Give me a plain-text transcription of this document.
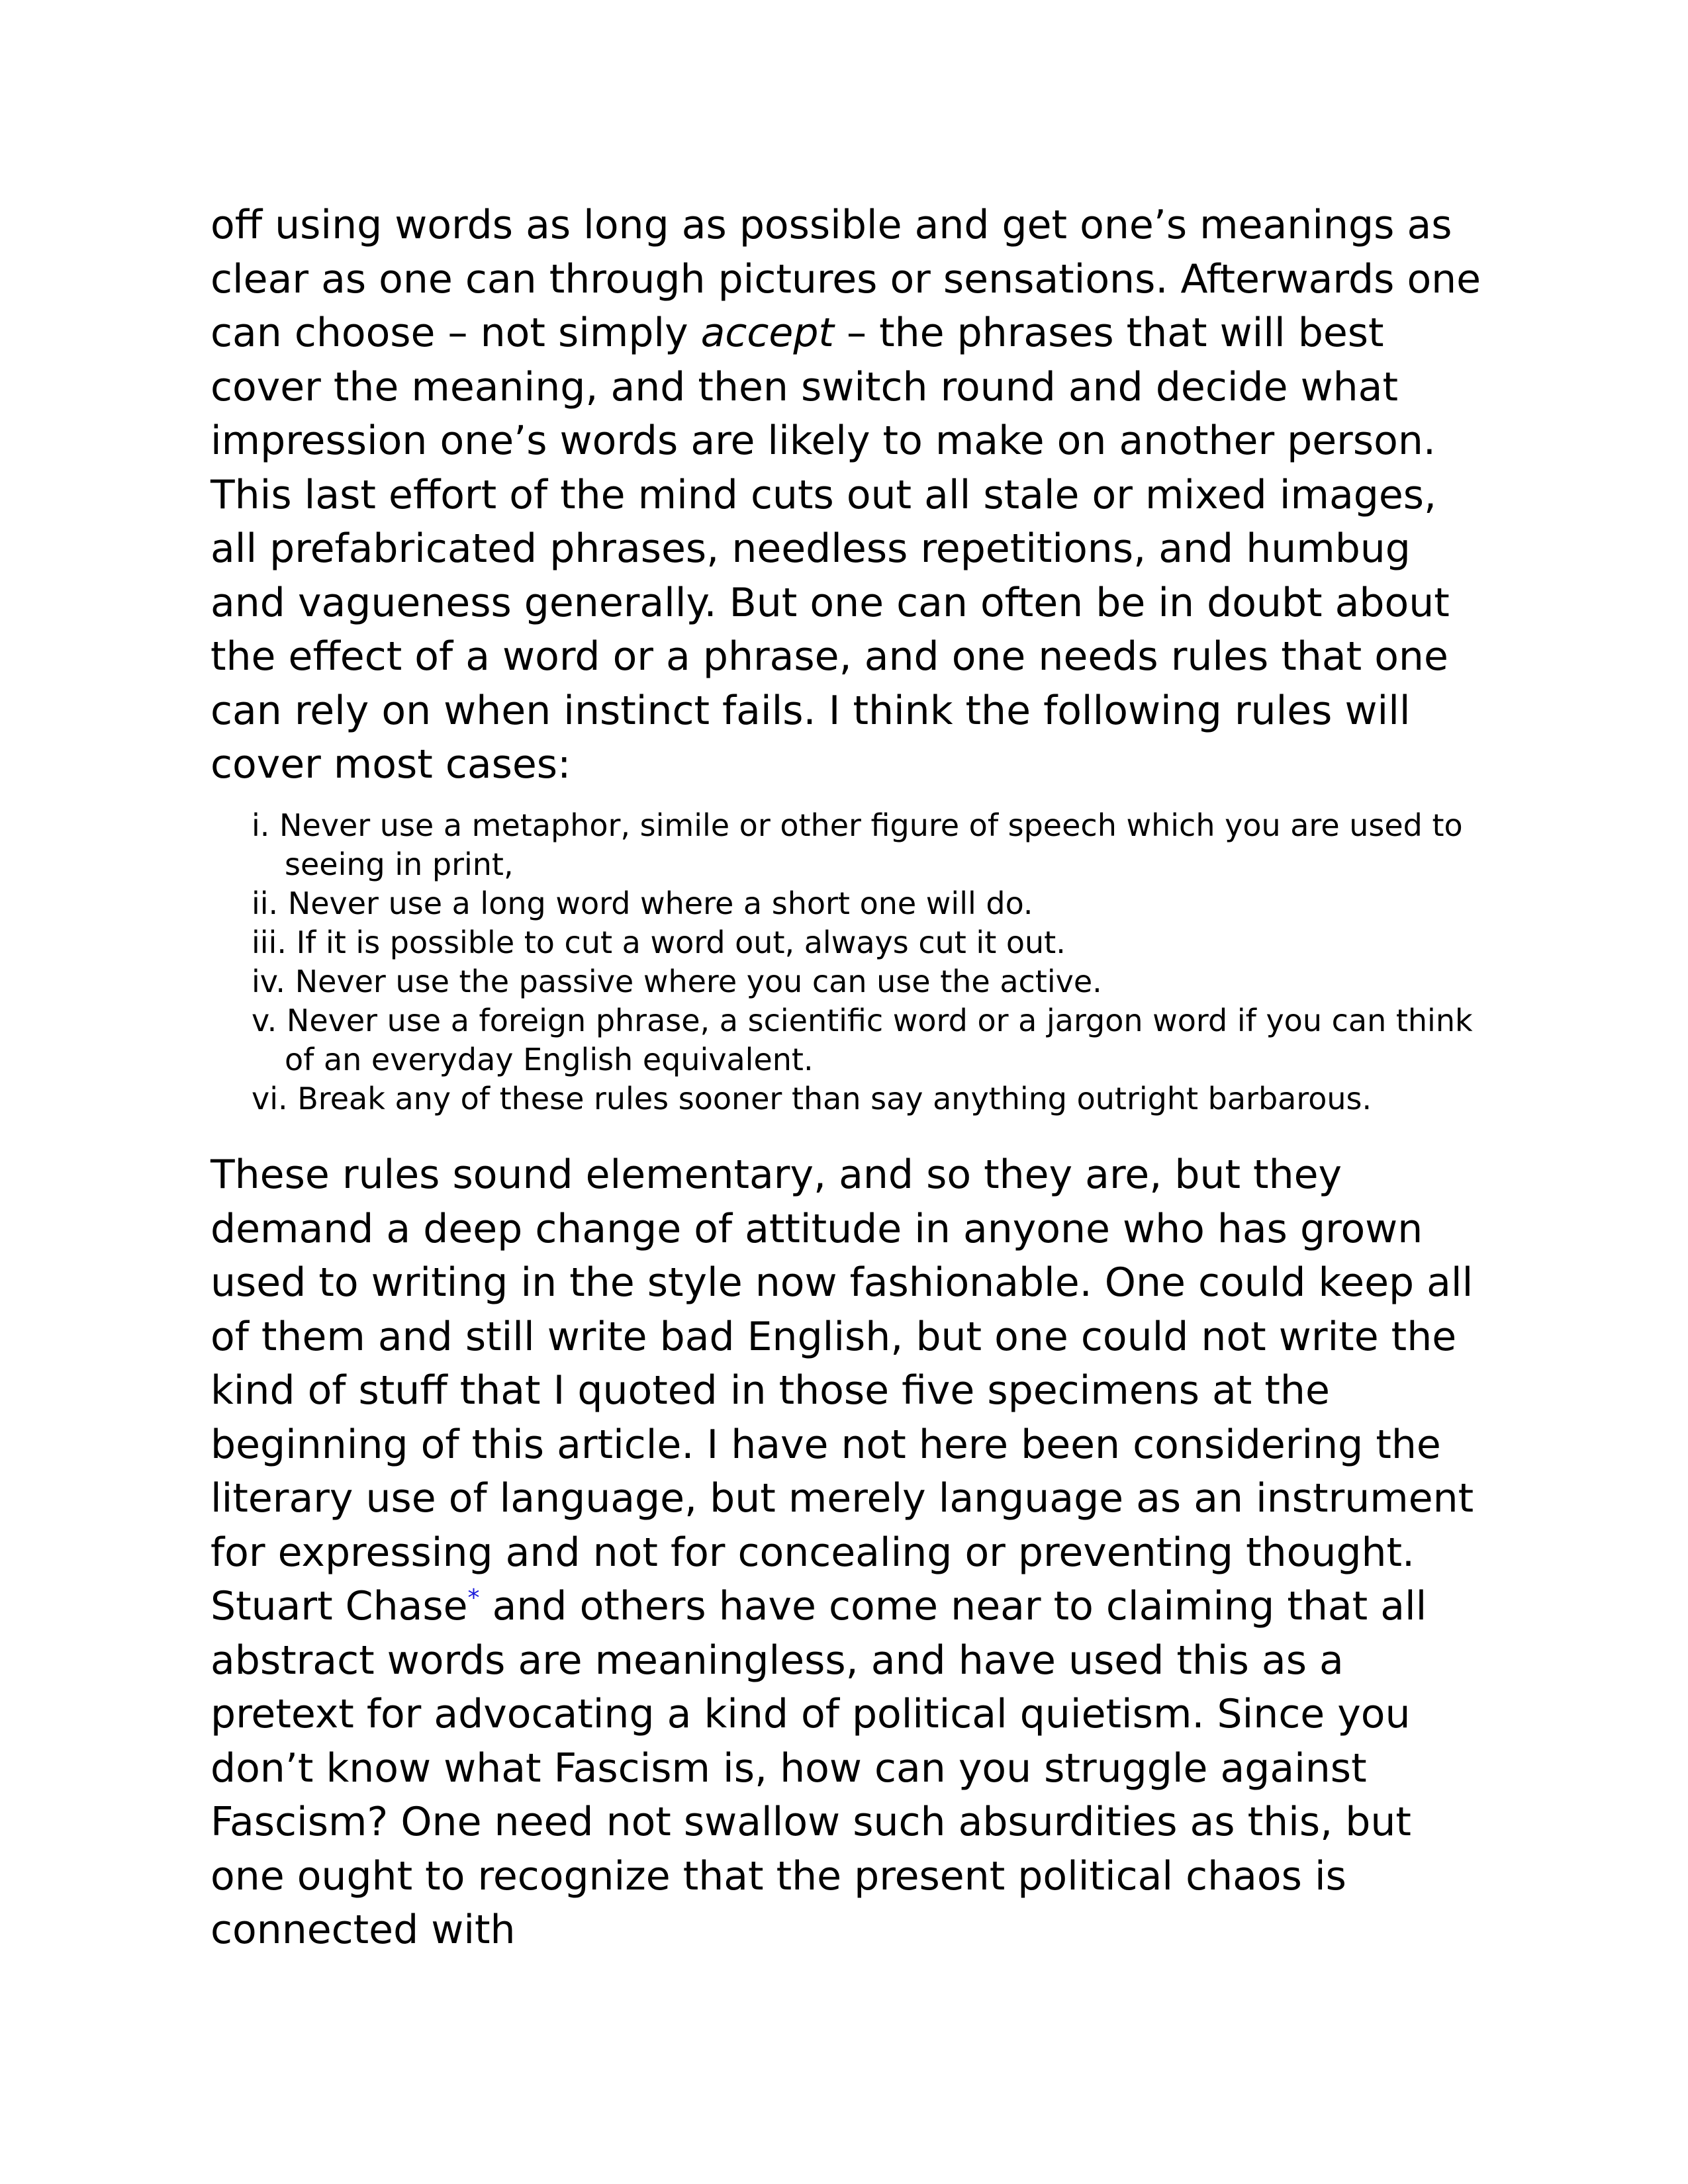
off using words as long as possible and get one’s meanings as clear as one can through pictures or sensations. Afterwards one can choose – not simply accept – the phrases that will best cover the meaning, and then switch round and decide what impression one’s words are likely to make on another person. This last effort of the mind cuts out all stale or mixed images, all prefabricated phrases, needless repetitions, and humbug and vagueness generally. But one can often be in doubt about the effect of a word or a phrase, and one needs rules that one can rely on when instinct fails. I think the following rules will cover most cases:

i. Never use a metaphor, simile or other figure of speech which you are used to seeing in print,
ii. Never use a long word where a short one will do.
iii. If it is possible to cut a word out, always cut it out.
iv. Never use the passive where you can use the active.
v. Never use a foreign phrase, a scientific word or a jargon word if you can think of an everyday English equivalent.
vi. Break any of these rules sooner than say anything outright barbarous.

These rules sound elementary, and so they are, but they demand a deep change of attitude in anyone who has grown used to writing in the style now fashionable. One could keep all of them and still write bad English, but one could not write the kind of stuff that I quoted in those five specimens at the beginning of this article. I have not here been considering the literary use of language, but merely language as an instrument for expressing and not for concealing or preventing thought. Stuart Chase* and others have come near to claiming that all abstract words are meaningless, and have used this as a pretext for advocating a kind of political quietism. Since you don’t know what Fascism is, how can you struggle against Fascism? One need not swallow such absurdities as this, but one ought to recognize that the present political chaos is connected with
